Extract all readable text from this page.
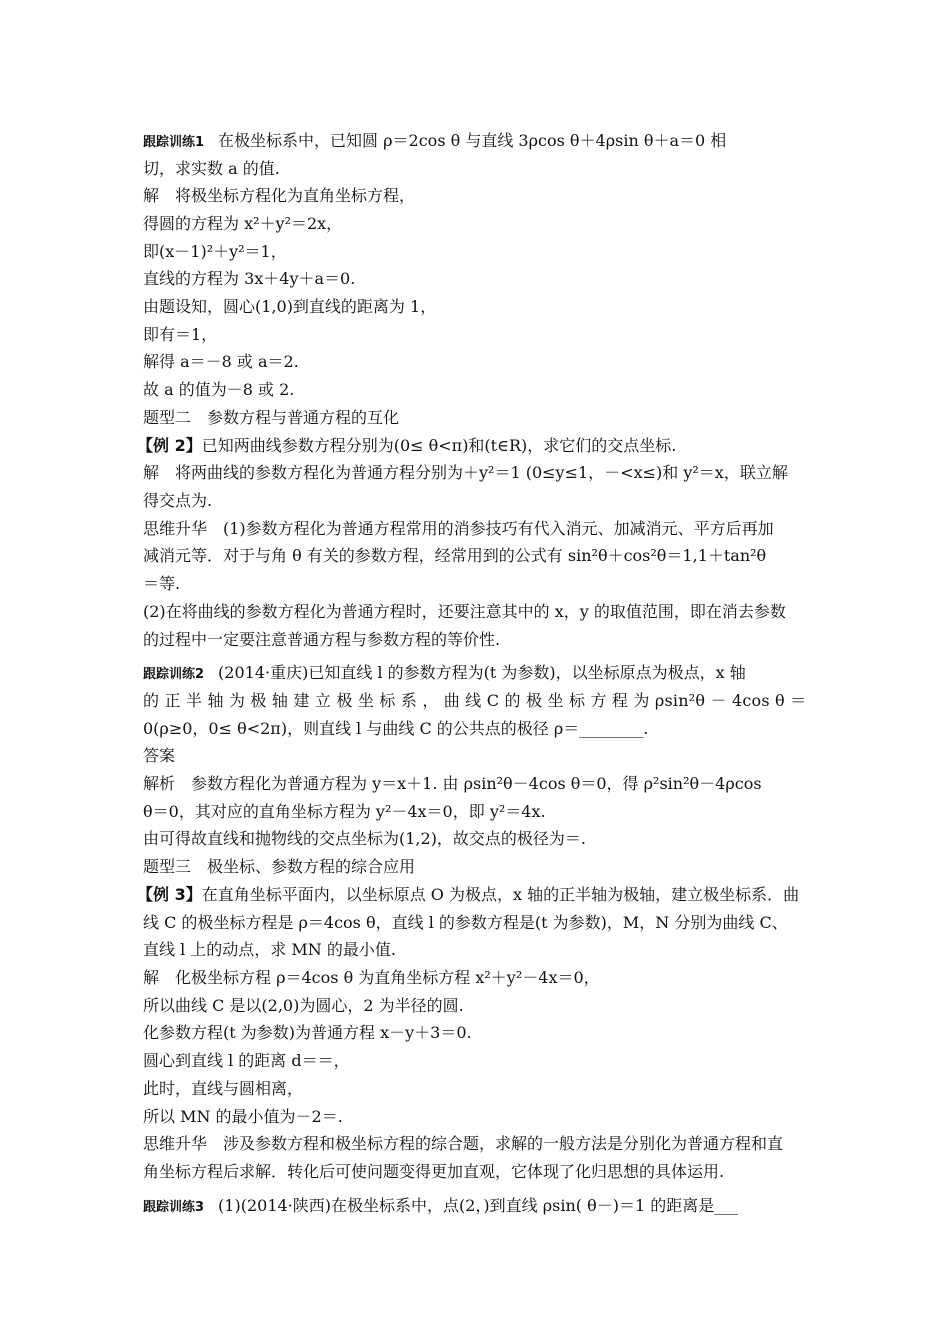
跟踪训练1 在极坐标系中，已知圆 ρ＝2cos θ 与直线 3ρcos θ＋4ρsin θ＋a＝0 相
切，求实数 a 的值.
解　将极坐标方程化为直角坐标方程，
得圆的方程为 x²＋y²＝2x，
即(x－1)²＋y²＝1，
直线的方程为 3x＋4y＋a＝0.
由题设知，圆心(1,0)到直线的距离为 1，
即有＝1，
解得 a＝－8 或 a＝2.
故 a 的值为－8 或 2.
题型二　参数方程与普通方程的互化
【例 2】已知两曲线参数方程分别为(0≤ θ<π)和(t∈R)，求它们的交点坐标.
解　将两曲线的参数方程化为普通方程分别为＋y²＝1 (0≤y≤1，－<x≤)和 y²＝x，联立解
得交点为.
思维升华　(1)参数方程化为普通方程常用的消参技巧有代入消元、加减消元、平方后再加
减消元等．对于与角 θ 有关的参数方程，经常用到的公式有 sin²θ＋cos²θ＝1,1＋tan²θ
＝等.
(2)在将曲线的参数方程化为普通方程时，还要注意其中的 x，y 的取值范围，即在消去参数
的过程中一定要注意普通方程与参数方程的等价性.
跟踪训练2 (2014·重庆)已知直线 l 的参数方程为(t 为参数)，以坐标原点为极点，x 轴
的 正 半 轴 为 极 轴 建 立 极 坐 标 系 ， 曲 线 C 的 极 坐 标 方 程 为 ρsin²θ － 4cos θ ＝
0(ρ≥0，0≤ θ<2π)，则直线 l 与曲线 C 的公共点的极径 ρ＝________.
答案
解析　参数方程化为普通方程为 y＝x＋1. 由 ρsin²θ－4cos θ＝0，得 ρ²sin²θ－4ρcos
θ＝0，其对应的直角坐标方程为 y²－4x＝0，即 y²＝4x.
由可得故直线和抛物线的交点坐标为(1,2)，故交点的极径为＝.
题型三　极坐标、参数方程的综合应用
【例 3】在直角坐标平面内，以坐标原点 O 为极点，x 轴的正半轴为极轴，建立极坐标系．曲
线 C 的极坐标方程是 ρ＝4cos θ，直线 l 的参数方程是(t 为参数)，M，N 分别为曲线 C、
直线 l 上的动点，求 MN 的最小值.
解　化极坐标方程 ρ＝4cos θ 为直角坐标方程 x²＋y²－4x＝0，
所以曲线 C 是以(2,0)为圆心，2 为半径的圆.
化参数方程(t 为参数)为普通方程 x－y＋3＝0.
圆心到直线 l 的距离 d＝＝，
此时，直线与圆相离，
所以 MN 的最小值为－2＝.
思维升华　涉及参数方程和极坐标方程的综合题，求解的一般方法是分别化为普通方程和直
角坐标方程后求解．转化后可使问题变得更加直观，它体现了化归思想的具体运用.
跟踪训练3 (1)(2014·陕西)在极坐标系中，点(2，)到直线 ρsin( θ－)＝1 的距离是___
